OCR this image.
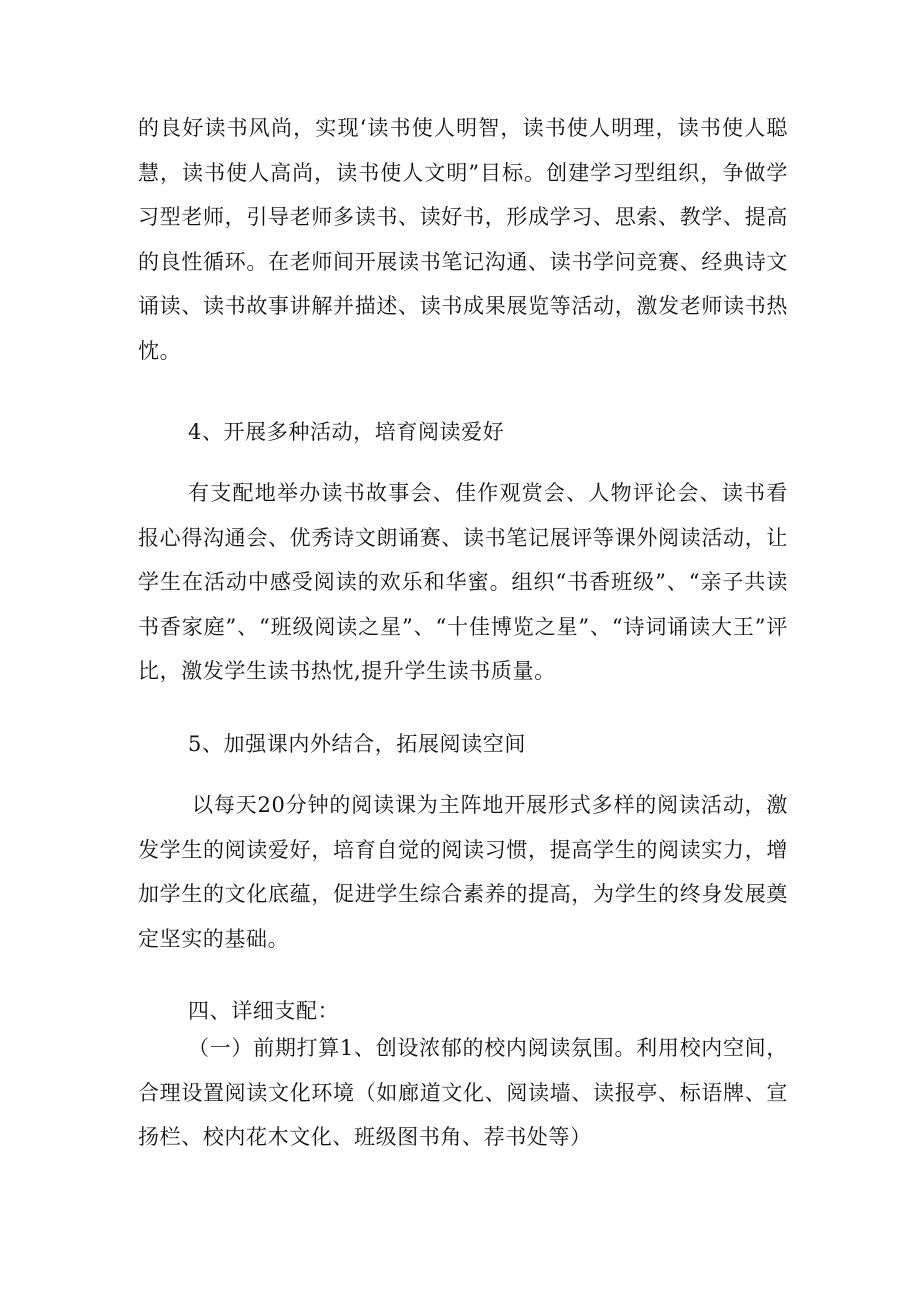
的良好读书风尚，实现‘读书使人明智，读书使人明理，读书使人聪慧，读书使人高尚，读书使人文明”目标。创建学习型组织，争做学习型老师，引导老师多读书、读好书，形成学习、思索、教学、提高的良性循环。在老师间开展读书笔记沟通、读书学问竞赛、经典诗文诵读、读书故事讲解并描述、读书成果展览等活动，激发老师读书热忱。

4、开展多种活动，培育阅读爱好

有支配地举办读书故事会、佳作观赏会、人物评论会、读书看报心得沟通会、优秀诗文朗诵赛、读书笔记展评等课外阅读活动，让学生在活动中感受阅读的欢乐和华蜜。组织“书香班级”、“亲子共读书香家庭”、“班级阅读之星”、“十佳博览之星”、“诗词诵读大王”评比，激发学生读书热忱,提升学生读书质量。

5、加强课内外结合，拓展阅读空间

以每天20分钟的阅读课为主阵地开展形式多样的阅读活动，激发学生的阅读爱好，培育自觉的阅读习惯，提高学生的阅读实力，增加学生的文化底蕴，促进学生综合素养的提高，为学生的终身发展奠定坚实的基础。

四、详细支配：

（一）前期打算1、创设浓郁的校内阅读氛围。利用校内空间，合理设置阅读文化环境（如廊道文化、阅读墙、读报亭、标语牌、宣扬栏、校内花木文化、班级图书角、荐书处等）
